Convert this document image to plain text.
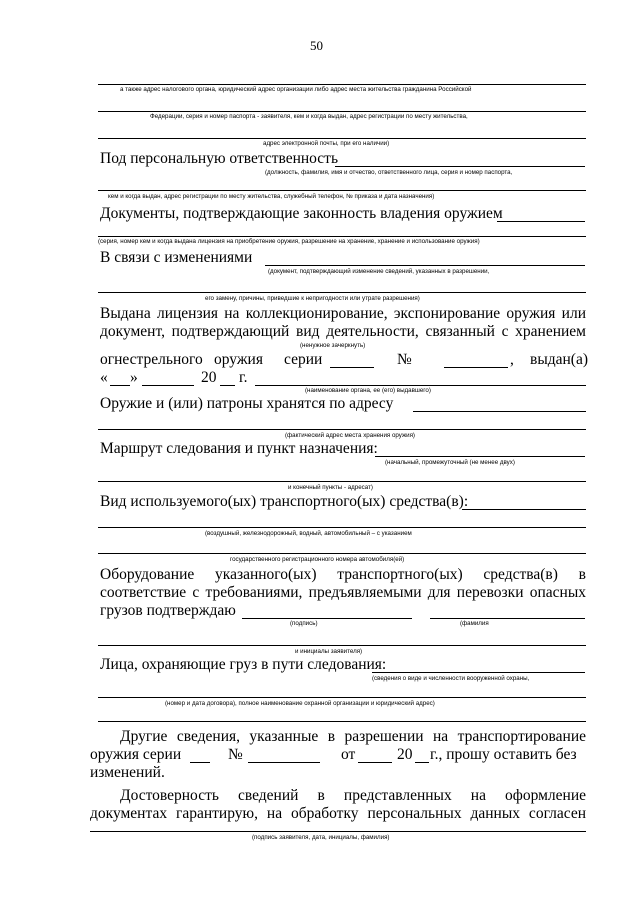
50
а также адрес налогового органа, юридический адрес организации либо адрес места жительства гражданина Российской
Федерации, серия и номер паспорта - заявителя, кем и когда выдан, адрес регистрации по месту жительства,
адрес электронной почты, при его наличии)
Под персональную ответственность
(должность, фамилия, имя и отчество, ответственного лица, серия и номер паспорта,
кем и когда выдан, адрес регистрации по месту жительства, служебный телефон, № приказа и дата назначения)
Документы, подтверждающие законность владения оружием
(серия, номер кем и когда выдана лицензия на приобретение оружия, разрешение на хранение, хранение и использование оружия)
В связи с изменениями
(документ, подтверждающий изменение сведений, указанных в разрешении,
его замену, причины, приведшие к непригодности или утрате разрешения)
Выдана лицензия на коллекционирование, экспонирование оружия или
документ, подтверждающий вид деятельности, связанный с хранением
(ненужное зачеркнуть)
огнестрельного оружия серии	№	, выдан(а)
« »	20 г.
(наименование органа, ее (его) выдавшего)
Оружие и (или) патроны хранятся по адресу
(фактический адрес места хранения оружия)
Маршрут следования и пункт назначения:
(начальный, промежуточный (не менее двух)
и конечный пункты - адресат)
Вид используемого(ых) транспортного(ых) средства(в):
(воздушный, железнодорожный, водный, автомобильный – с указанием
государственного регистрационного номера автомобиля(ей)
Оборудование указанного(ых) транспортного(ых) средства(в) в
соответствие с требованиями, предъявляемыми для перевозки опасных
грузов подтверждаю
(подпись)	(фамилия
и инициалы заявителя)
Лица, охраняющие груз в пути следования:
(сведения о виде и численности вооруженной охраны,
(номер и дата договора), полное наименование охранной организации и юридический адрес)
Другие сведения, указанные в разрешении на транспортирование
оружия серии	№	от	20 г., прошу оставить без
изменений.
Достоверность сведений в представленных на оформление
документах гарантирую, на обработку персональных данных согласен
(подпись заявителя, дата, инициалы, фамилия)
